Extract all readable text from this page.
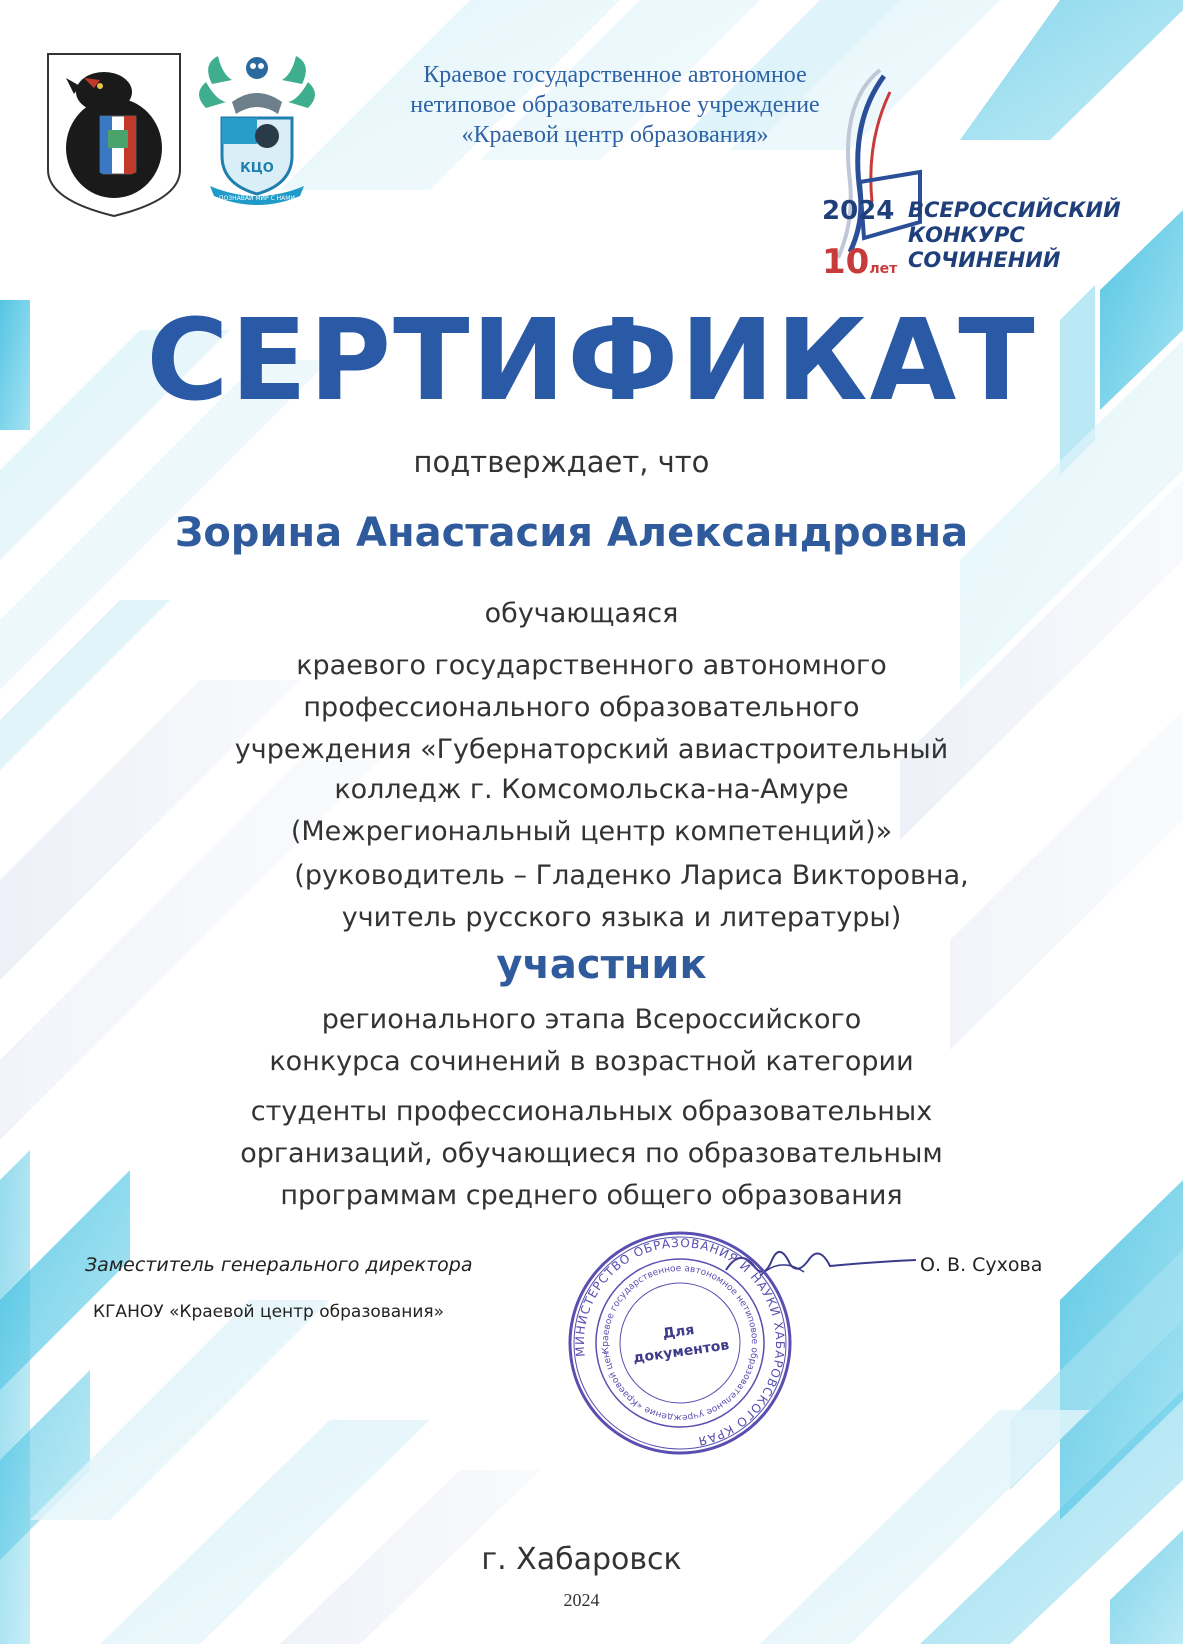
КЦО
ПОЗНАВАЙ МИР С НАМИ
Краевое государственное автономное
нетиповое образовательное учреждение
«Краевой центр образования»
2024
10лет
ВСЕРОССИЙСКИЙ
КОНКУРС
СОЧИНЕНИЙ
СЕРТИФИКАТ
подтверждает, что
Зорина Анастасия Александровна
обучающаяся
краевого государственного автономного
профессионального образовательного
учреждения «Губернаторский авиастроительный
колледж г. Комсомольска-на-Амуре
(Межрегиональный центр компетенций)»
(руководитель – Гладенко Лариса Викторовна,
учитель русского языка и литературы)
участник
регионального этапа Всероссийского
конкурса сочинений в возрастной категории
студенты профессиональных образовательных
организаций, обучающиеся по образовательным
программам среднего общего образования
Заместитель генерального директора
КГАНОУ «Краевой центр образования»
О. В. Сухова
МИНИСТЕРСТВО ОБРАЗОВАНИЯ И НАУКИ ХАБАРОВСКОГО КРАЯ
Краевое государственное автономное нетиповое образовательное учреждение «Краевой центр
Для
документов
г. Хабаровск
2024
